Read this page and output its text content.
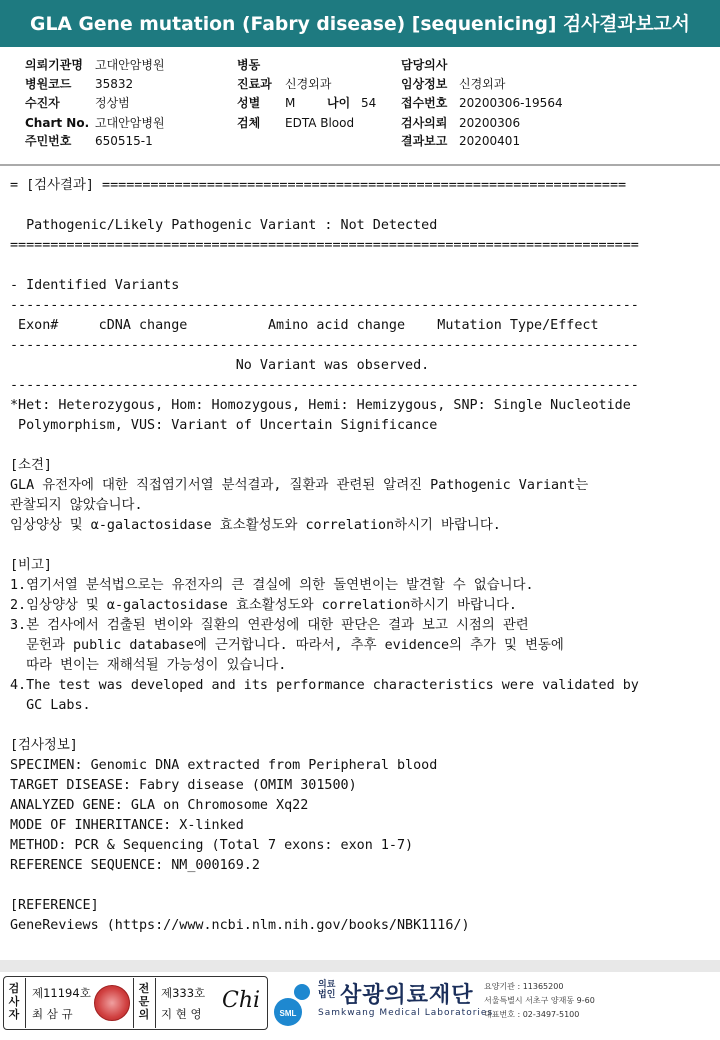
GLA Gene mutation (Fabry disease) [sequenicing] 검사결과보고서
의뢰기관명 고대안암병원
병원코드 35832
수진자	정상범
Chart No. 고대안암병원
주민번호 650515-1
병동
진료과 신경외과
성별 M	나이 54
검체 EDTA Blood
담당의사
임상정보 신경외과
접수번호 20200306-19564
검사의뢰 20200306
결과보고 20200401
= [검사결과] =================================================================
Pathogenic/Likely Pathogenic Variant : Not Detected
==============================================================================
- Identified Variants
------------------------------------------------------------------------------
Exon#     cDNA change          Amino acid change    Mutation Type/Effect
------------------------------------------------------------------------------
No Variant was observed.
------------------------------------------------------------------------------
*Het: Heterozygous, Hom: Homozygous, Hemi: Hemizygous, SNP: Single Nucleotide
Polymorphism, VUS: Variant of Uncertain Significance
[소견]
GLA 유전자에 대한 직접염기서열 분석결과, 질환과 관련된 알려진 Pathogenic Variant는
관찰되지 않았습니다.
임상양상 및 α-galactosidase 효소활성도와 correlation하시기 바랍니다.
[비고]
1.염기서열 분석법으로는 유전자의 큰 결실에 의한 돌연변이는 발견할 수 없습니다.
2.임상양상 및 α-galactosidase 효소활성도와 correlation하시기 바랍니다.
3.본 검사에서 검출된 변이와 질환의 연관성에 대한 판단은 결과 보고 시점의 관련
문헌과 public database에 근거합니다. 따라서, 추후 evidence의 추가 및 변동에
따라 변이는 재해석될 가능성이 있습니다.
4.The test was developed and its performance characteristics were validated by
GC Labs.
[검사정보]
SPECIMEN: Genomic DNA extracted from Peripheral blood
TARGET DISEASE: Fabry disease (OMIM 301500)
ANALYZED GENE: GLA on Chromosome Xq22
MODE OF INHERITANCE: X-linked
METHOD: PCR & Sequencing (Total 7 exons: exon 1-7)
REFERENCE SEQUENCE: NM_000169.2
[REFERENCE]
GeneReviews (https://www.ncbi.nlm.nih.gov/books/NBK1116/)
검사자
제11194호
최 삼 규
전문의
제333호
지 현 영
Chi
SML
의료법인 삼광의료재단
Samkwang Medical Laboratories
요양기관 : 11365200
서울특별시 서초구 양재동 9-60
대표번호 : 02-3497-5100
